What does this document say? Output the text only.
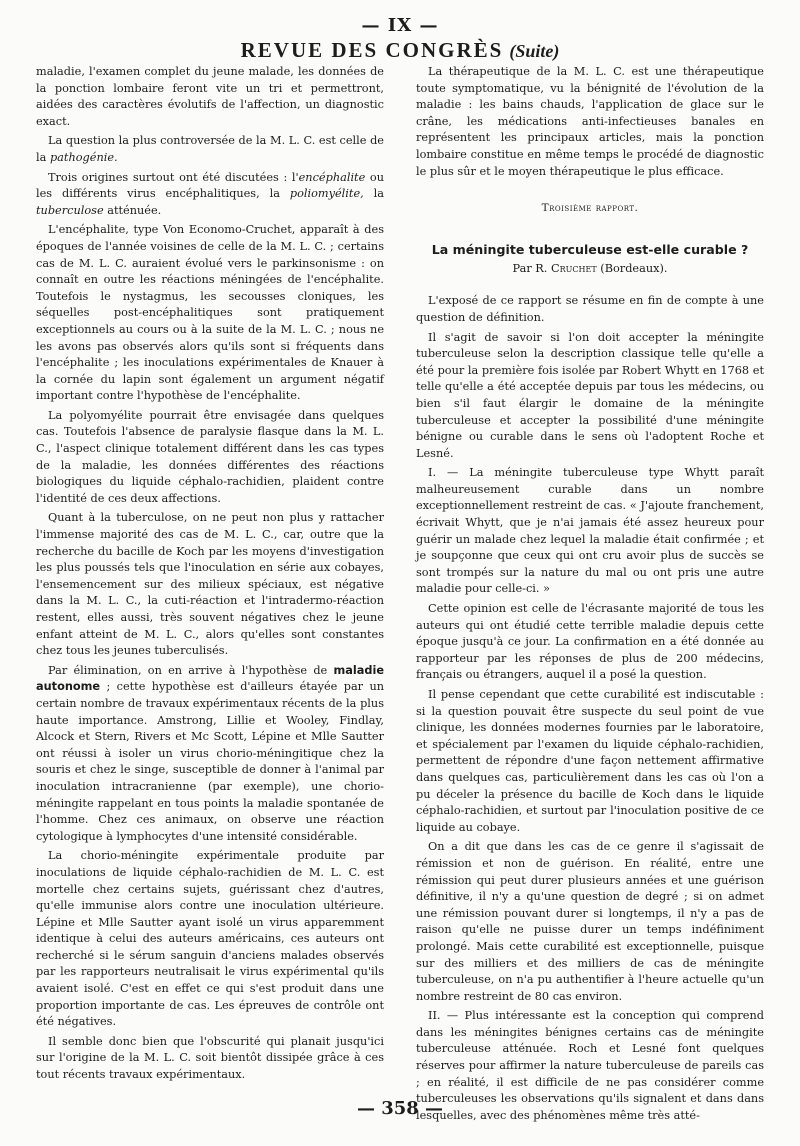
— IX —
REVUE DES CONGRÈS (Suite)

maladie, l'examen complet du jeune malade, les données de la ponction lombaire feront vite un tri et permettront, aidées des caractères évolutifs de l'affection, un diagnostic exact.

La question la plus controversée de la M. L. C. est celle de la pathogénie.

Trois origines surtout ont été discutées : l'encéphalite ou les différents virus encéphalitiques, la poliomyélite, la tuberculose atténuée.

L'encéphalite, type Von Economo-Cruchet, apparaît à des époques de l'année voisines de celle de la M. L. C. ; certains cas de M. L. C. auraient évolué vers le parkinsonisme : on connaît en outre les réactions méningées de l'encéphalite. Toutefois le nystagmus, les secousses cloniques, les séquelles post-encéphalitiques sont pratiquement exceptionnels au cours ou à la suite de la M. L. C. ; nous ne les avons pas observés alors qu'ils sont si fréquents dans l'encéphalite ; les inoculations expérimentales de Knauer à la cornée du lapin sont également un argument négatif important contre l'hypothèse de l'encéphalite.

La polyomyélite pourrait être envisagée dans quelques cas. Toutefois l'absence de paralysie flasque dans la M. L. C., l'aspect clinique totalement différent dans les cas types de la maladie, les données différentes des réactions biologiques du liquide céphalo-rachidien, plaident contre l'identité de ces deux affections.

Quant à la tuberculose, on ne peut non plus y rattacher l'immense majorité des cas de M. L. C., car, outre que la recherche du bacille de Koch par les moyens d'investigation les plus poussés tels que l'inoculation en série aux cobayes, l'ensemencement sur des milieux spéciaux, est négative dans la M. L. C., la cuti-réaction et l'intradermo-réaction restent, elles aussi, très souvent négatives chez le jeune enfant atteint de M. L. C., alors qu'elles sont constantes chez tous les jeunes tuberculisés.

Par élimination, on en arrive à l'hypothèse de maladie autonome ; cette hypothèse est d'ailleurs étayée par un certain nombre de travaux expérimentaux récents de la plus haute importance. Amstrong, Lillie et Wooley, Findlay, Alcock et Stern, Rivers et Mc Scott, Lépine et Mlle Sautter ont réussi à isoler un virus chorio-méningitique chez la souris et chez le singe, susceptible de donner à l'animal par inoculation intracranienne (par exemple), une chorio-méningite rappelant en tous points la maladie spontanée de l'homme. Chez ces animaux, on observe une réaction cytologique à lymphocytes d'une intensité considérable.

La chorio-méningite expérimentale produite par inoculations de liquide céphalo-rachidien de M. L. C. est mortelle chez certains sujets, guérissant chez d'autres, qu'elle immunise alors contre une inoculation ultérieure. Lépine et Mlle Sautter ayant isolé un virus apparemment identique à celui des auteurs américains, ces auteurs ont recherché si le sérum sanguin d'anciens malades observés par les rapporteurs neutralisait le virus expérimental qu'ils avaient isolé. C'est en effet ce qui s'est produit dans une proportion importante de cas. Les épreuves de contrôle ont été négatives.

Il semble donc bien que l'obscurité qui planait jusqu'ici sur l'origine de la M. L. C. soit bientôt dissipée grâce à ces tout récents travaux expérimentaux.

La thérapeutique de la M. L. C. est une thérapeutique toute symptomatique, vu la bénignité de l'évolution de la maladie : les bains chauds, l'application de glace sur le crâne, les médications anti-infectieuses banales en représentent les principaux articles, mais la ponction lombaire constitue en même temps le procédé de diagnostic le plus sûr et le moyen thérapeutique le plus efficace.

Troisième rapport.
La méningite tuberculeuse est-elle curable ?
Par R. Cruchet (Bordeaux).

L'exposé de ce rapport se résume en fin de compte à une question de définition.

Il s'agit de savoir si l'on doit accepter la méningite tuberculeuse selon la description classique telle qu'elle a été pour la première fois isolée par Robert Whytt en 1768 et telle qu'elle a été acceptée depuis par tous les médecins, ou bien s'il faut élargir le domaine de la méningite tuberculeuse et accepter la possibilité d'une méningite bénigne ou curable dans le sens où l'adoptent Roche et Lesné.

I. — La méningite tuberculeuse type Whytt paraît malheureusement curable dans un nombre exceptionnellement restreint de cas. « J'ajoute franchement, écrivait Whytt, que je n'ai jamais été assez heureux pour guérir un malade chez lequel la maladie était confirmée ; et je soupçonne que ceux qui ont cru avoir plus de succès se sont trompés sur la nature du mal ou ont pris une autre maladie pour celle-ci. »

Cette opinion est celle de l'écrasante majorité de tous les auteurs qui ont étudié cette terrible maladie depuis cette époque jusqu'à ce jour. La confirmation en a été donnée au rapporteur par les réponses de plus de 200 médecins, français ou étrangers, auquel il a posé la question.

Il pense cependant que cette curabilité est indiscutable : si la question pouvait être suspecte du seul point de vue clinique, les données modernes fournies par le laboratoire, et spécialement par l'examen du liquide céphalo-rachidien, permettent de répondre d'une façon nettement affirmative dans quelques cas, particulièrement dans les cas où l'on a pu déceler la présence du bacille de Koch dans le liquide céphalo-rachidien, et surtout par l'inoculation positive de ce liquide au cobaye.

On a dit que dans les cas de ce genre il s'agissait de rémission et non de guérison. En réalité, entre une rémission qui peut durer plusieurs années et une guérison définitive, il n'y a qu'une question de degré ; si on admet une rémission pouvant durer si longtemps, il n'y a pas de raison qu'elle ne puisse durer un temps indéfiniment prolongé. Mais cette curabilité est exceptionnelle, puisque sur des milliers et des milliers de cas de méningite tuberculeuse, on n'a pu authentifier à l'heure actuelle qu'un nombre restreint de 80 cas environ.

II. — Plus intéressante est la conception qui comprend dans les méningites bénignes certains cas de méningite tuberculeuse atténuée. Roch et Lesné font quelques réserves pour affirmer la nature tuberculeuse de pareils cas ; en réalité, il est difficile de ne pas considérer comme tuberculeuses les observations qu'ils signalent et dans dans lesquelles, avec des phénomènes même très atté-

— 358 —
